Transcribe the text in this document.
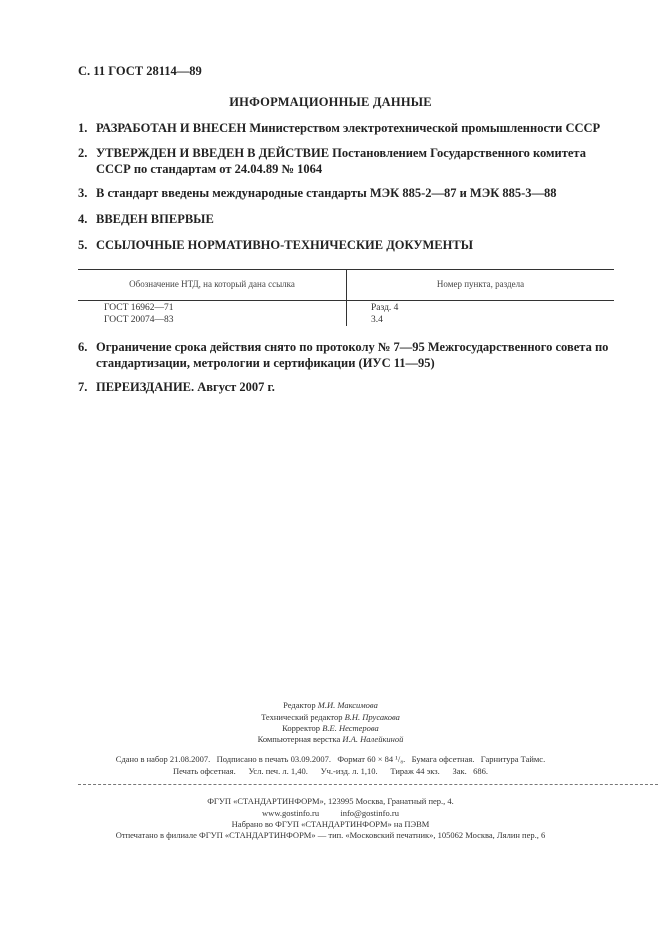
С. 11 ГОСТ 28114—89
ИНФОРМАЦИОННЫЕ ДАННЫЕ
1. РАЗРАБОТАН И ВНЕСЕН Министерством электротехнической промышленности СССР
2. УТВЕРЖДЕН И ВВЕДЕН В ДЕЙСТВИЕ Постановлением Государственного комитета СССР по стандартам от 24.04.89 № 1064
3. В стандарт введены международные стандарты МЭК 885-2—87 и МЭК 885-3—88
4. ВВЕДЕН ВПЕРВЫЕ
5. ССЫЛОЧНЫЕ НОРМАТИВНО-ТЕХНИЧЕСКИЕ ДОКУМЕНТЫ
Обозначение НТД, на который дана ссылка	Номер пункта, раздела
ГОСТ 16962—71	Разд. 4
ГОСТ 20074—83	3.4
6. Ограничение срока действия снято по протоколу № 7—95 Межгосударственного совета по стандартизации, метрологии и сертификации (ИУС 11—95)
7. ПЕРЕИЗДАНИЕ. Август 2007 г.
Редактор М.И. Максимова
Технический редактор В.Н. Прусакова
Корректор В.Е. Нестерова
Компьютерная верстка И.А. Налейкиной
Сдано в набор 21.08.2007.   Подписано в печать 03.09.2007.   Формат 60 × 84 ¹/₈.   Бумага офсетная.   Гарнитура Таймс.
Печать офсетная.      Усл. печ. л. 1,40.      Уч.-изд. л. 1,10.      Тираж 44 экз.      Зак.   686.
ФГУП «СТАНДАРТИНФОРМ», 123995 Москва, Гранатный пер., 4.
www.gostinfo.ru          info@gostinfo.ru
Набрано во ФГУП «СТАНДАРТИНФОРМ» на ПЭВМ
Отпечатано в филиале ФГУП «СТАНДАРТИНФОРМ» — тип. «Московский печатник», 105062 Москва, Лялин пер., 6
